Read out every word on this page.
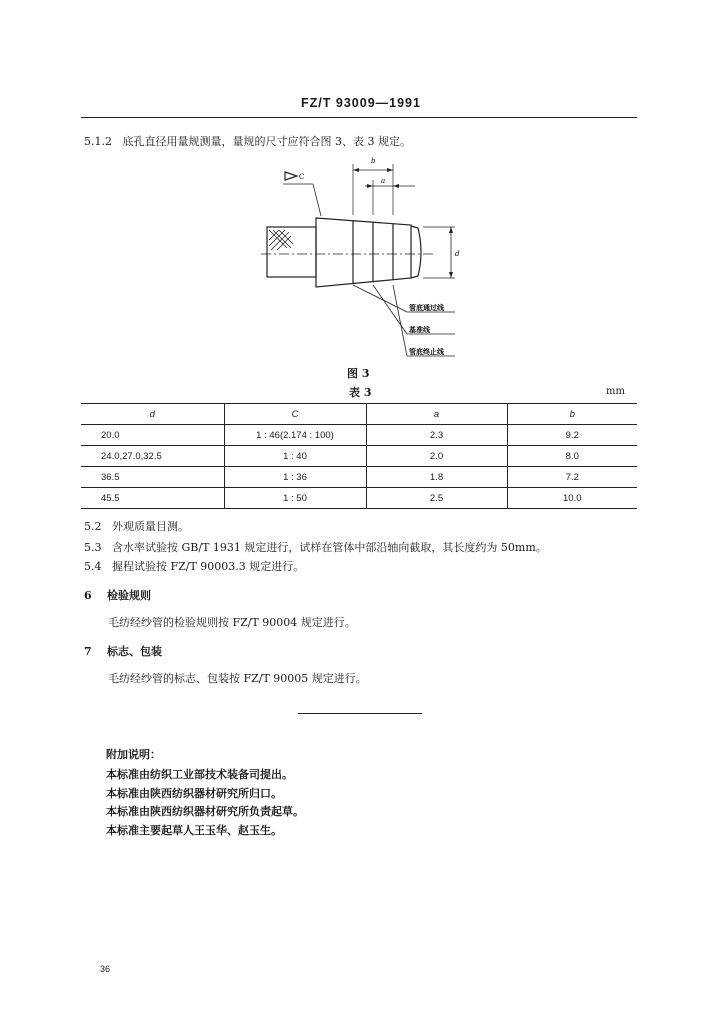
FZ/T 93009—1991
5.1.2 底孔直径用量规测量，量规的尺寸应符合图 3、表 3 规定。
b
a
C
d
管底通过线
基准线
管底终止线
图 3
表 3	mm
d	C	a	b
20.0	1 : 46(2.174 : 100)	2.3	9.2
24.0,27.0,32.5	1 : 40	2.0	8.0
36.5	1 : 36	1.8	7.2
45.5	1 : 50	2.5	10.0
5.2 外观质量目测。
5.3 含水率试验按 GB/T 1931 规定进行，试样在管体中部沿轴向截取，其长度约为 50mm。
5.4 握程试验按 FZ/T 90003.3 规定进行。
6 检验规则
毛纺经纱管的检验规则按 FZ/T 90004 规定进行。
7 标志、包装
毛纺经纱管的标志、包装按 FZ/T 90005 规定进行。
附加说明：
本标准由纺织工业部技术装备司提出。
本标准由陕西纺织器材研究所归口。
本标准由陕西纺织器材研究所负责起草。
本标准主要起草人王玉华、赵玉生。
36
